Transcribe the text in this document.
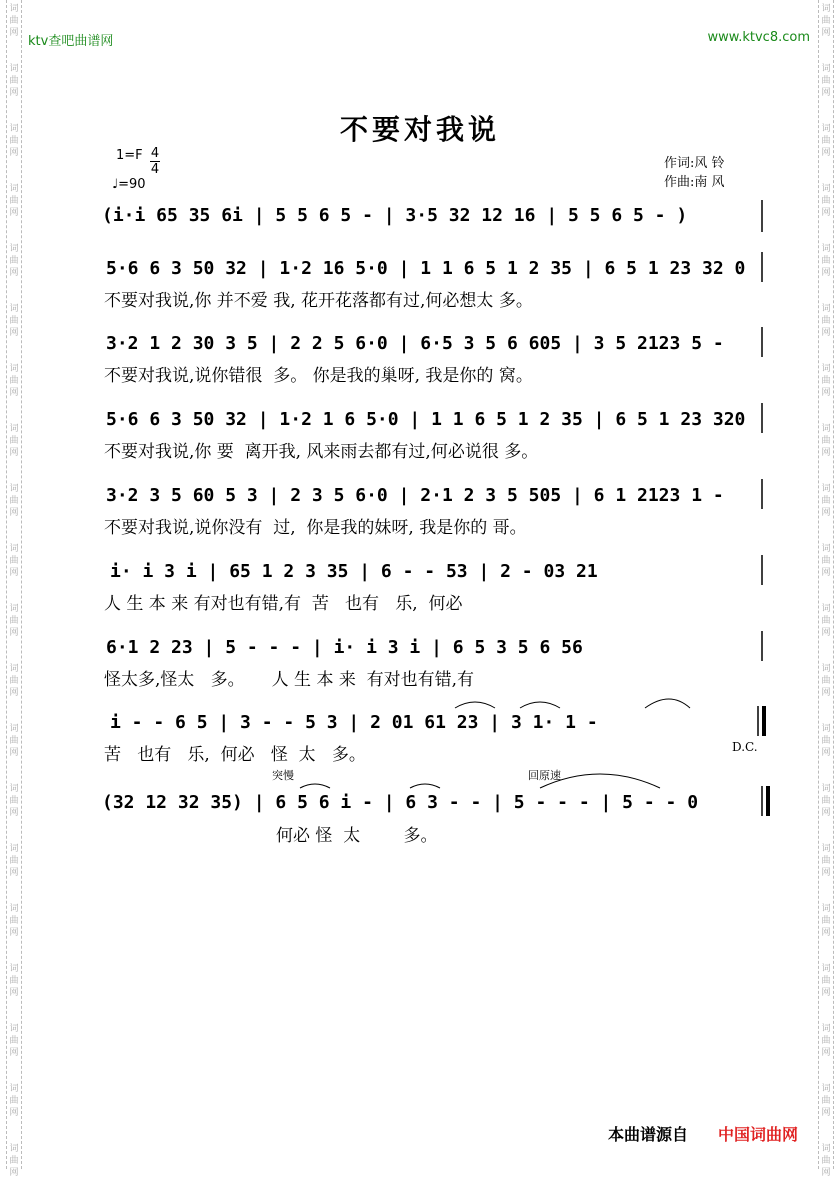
词
曲
网
词
曲
网
词
曲
网
词
曲
网
词
曲
网
词
曲
网
词
曲
网
词
曲
网
词
曲
网
词
曲
网
词
曲
网
词
曲
网
词
曲
网
词
曲
网
词
曲
网
词
曲
网
词
曲
网
词
曲
网
词
曲
网
词
曲
网
词
曲
网
词
曲
网
词
曲
网
词
曲
网
词
曲
网
词
曲
网
词
曲
网
词
曲
网
词
曲
网
词
曲
网
词
曲
网
词
曲
网
词
曲
网
词
曲
网
词
曲
网
词
曲
网
词
曲
网
词
曲
网
词
曲
网
词
曲
网
ktv查吧曲谱网	www.ktvc8.com
不要对我说
1=F 4
4
♩=90
作词:风 铃
作曲:南 风
(i·i 65 35 6i | 5 5 6 5 - | 3·5 32 12 16 | 5 5 6 5 - )
5·6 6 3 50 32 | 1·2 16 5·0 | 1 1 6 5 1 2 35 | 6 5 1 23 32 0
不要对我说,你 并不爱 我, 花开花落都有过,何必想太 多。
3·2 1 2 30 3 5 | 2 2 5 6·0 | 6·5 3 5 6 605 | 3 5 2123 5 -
不要对我说,说你错很  多。 你是我的巢呀, 我是你的 窝。
5·6 6 3 50 32 | 1·2 1 6 5·0 | 1 1 6 5 1 2 35 | 6 5 1 23 320
不要对我说,你 要  离开我, 风来雨去都有过,何必说很 多。
3·2 3 5 60 5 3 | 2 3 5 6·0 | 2·1 2 3 5 505 | 6 1 2123 1 -
不要对我说,说你没有  过,  你是我的妹呀, 我是你的 哥。
i· i 3 i | 65 1 2 3 35 | 6 - - 53 | 2 - 03 21
人 生 本 来 有对也有错,有  苦   也有   乐,  何必
6·1 2 23 | 5 - - - | i· i 3 i | 6 5 3 5 6 56
怪太多,怪太   多。     人 生 本 来  有对也有错,有
i - - 6 5 | 3 - - 5 3 | 2 01 61 23 | 3 1· 1 -
苦   也有   乐,  何必   怪  太   多。	D.C.
突慢	回原速
(32 12 32 35) | 6 5 6 i - | 6 3 - - | 5 - - - | 5 - - 0
何必 怪  太        多。
本曲谱源自 中国词曲网
